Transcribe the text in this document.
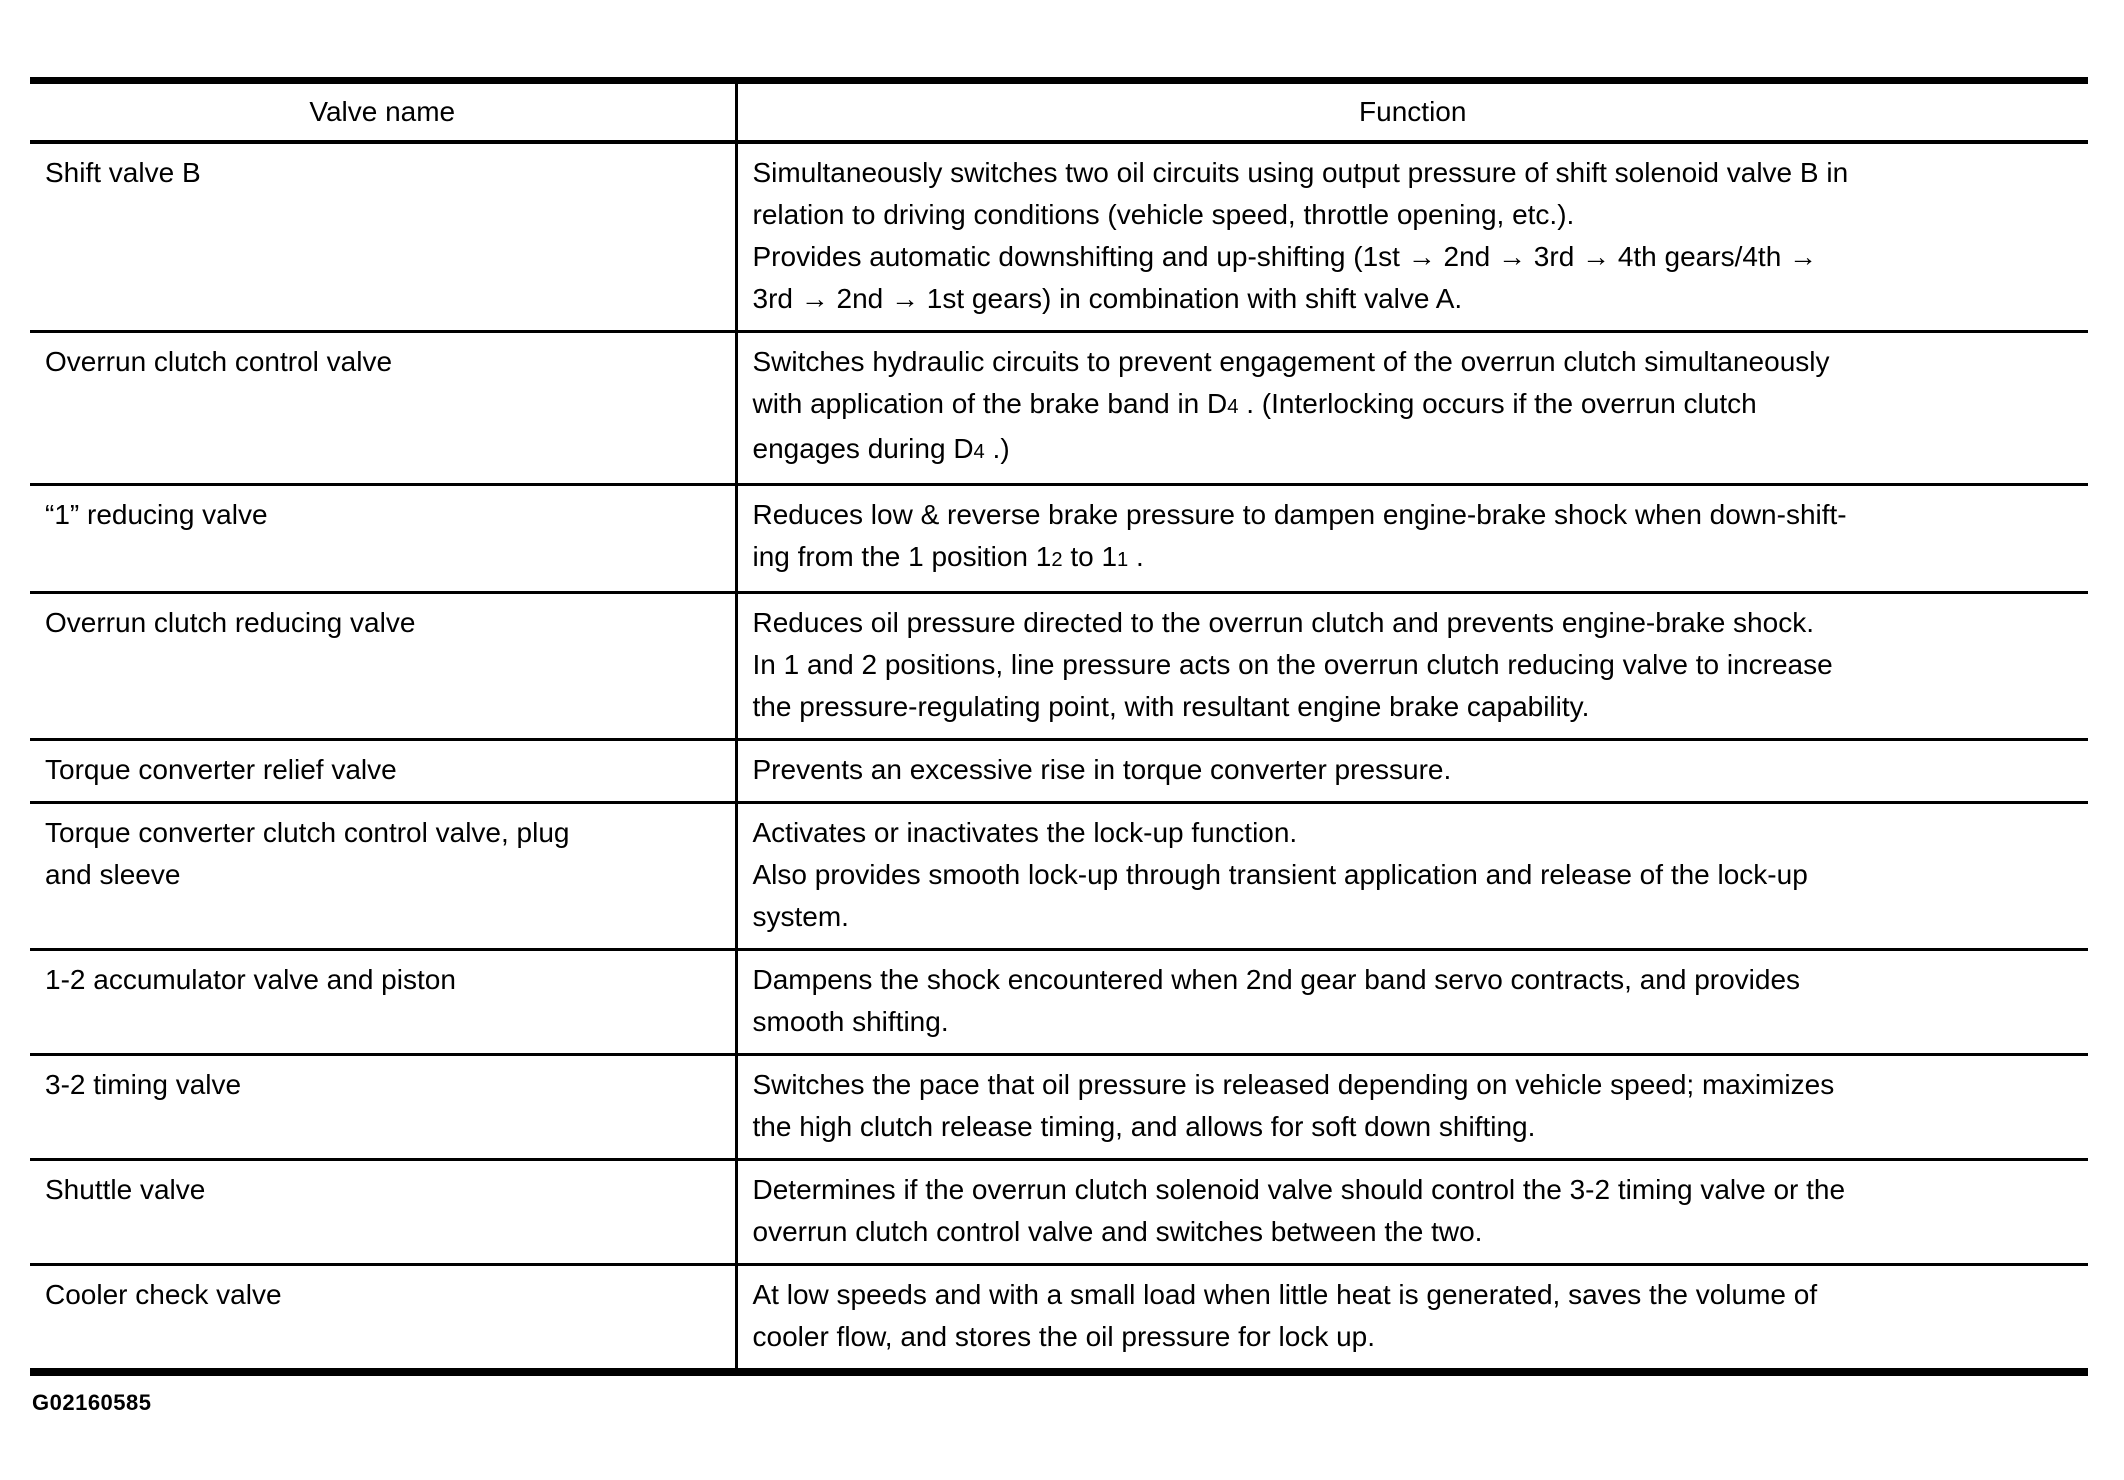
Valve name	Function
Shift valve B	Simultaneously switches two oil circuits using output pressure of shift solenoid valve B in
relation to driving conditions (vehicle speed, throttle opening, etc.).
Provides automatic downshifting and up-shifting (1st → 2nd → 3rd → 4th gears/4th →
3rd → 2nd → 1st gears) in combination with shift valve A.
Overrun clutch control valve	Switches hydraulic circuits to prevent engagement of the overrun clutch simultaneously
with application of the brake band in D4 . (Interlocking occurs if the overrun clutch
engages during D4 .)
“1” reducing valve	Reduces low & reverse brake pressure to dampen engine-brake shock when down-shift-
ing from the 1 position 12 to 11 .
Overrun clutch reducing valve	Reduces oil pressure directed to the overrun clutch and prevents engine-brake shock.
In 1 and 2 positions, line pressure acts on the overrun clutch reducing valve to increase
the pressure-regulating point, with resultant engine brake capability.
Torque converter relief valve	Prevents an excessive rise in torque converter pressure.
Torque converter clutch control valve, plug
and sleeve	Activates or inactivates the lock-up function.
Also provides smooth lock-up through transient application and release of the lock-up
system.
1-2 accumulator valve and piston	Dampens the shock encountered when 2nd gear band servo contracts, and provides
smooth shifting.
3-2 timing valve	Switches the pace that oil pressure is released depending on vehicle speed; maximizes
the high clutch release timing, and allows for soft down shifting.
Shuttle valve	Determines if the overrun clutch solenoid valve should control the 3-2 timing valve or the
overrun clutch control valve and switches between the two.
Cooler check valve	At low speeds and with a small load when little heat is generated, saves the volume of
cooler flow, and stores the oil pressure for lock up.
G02160585
